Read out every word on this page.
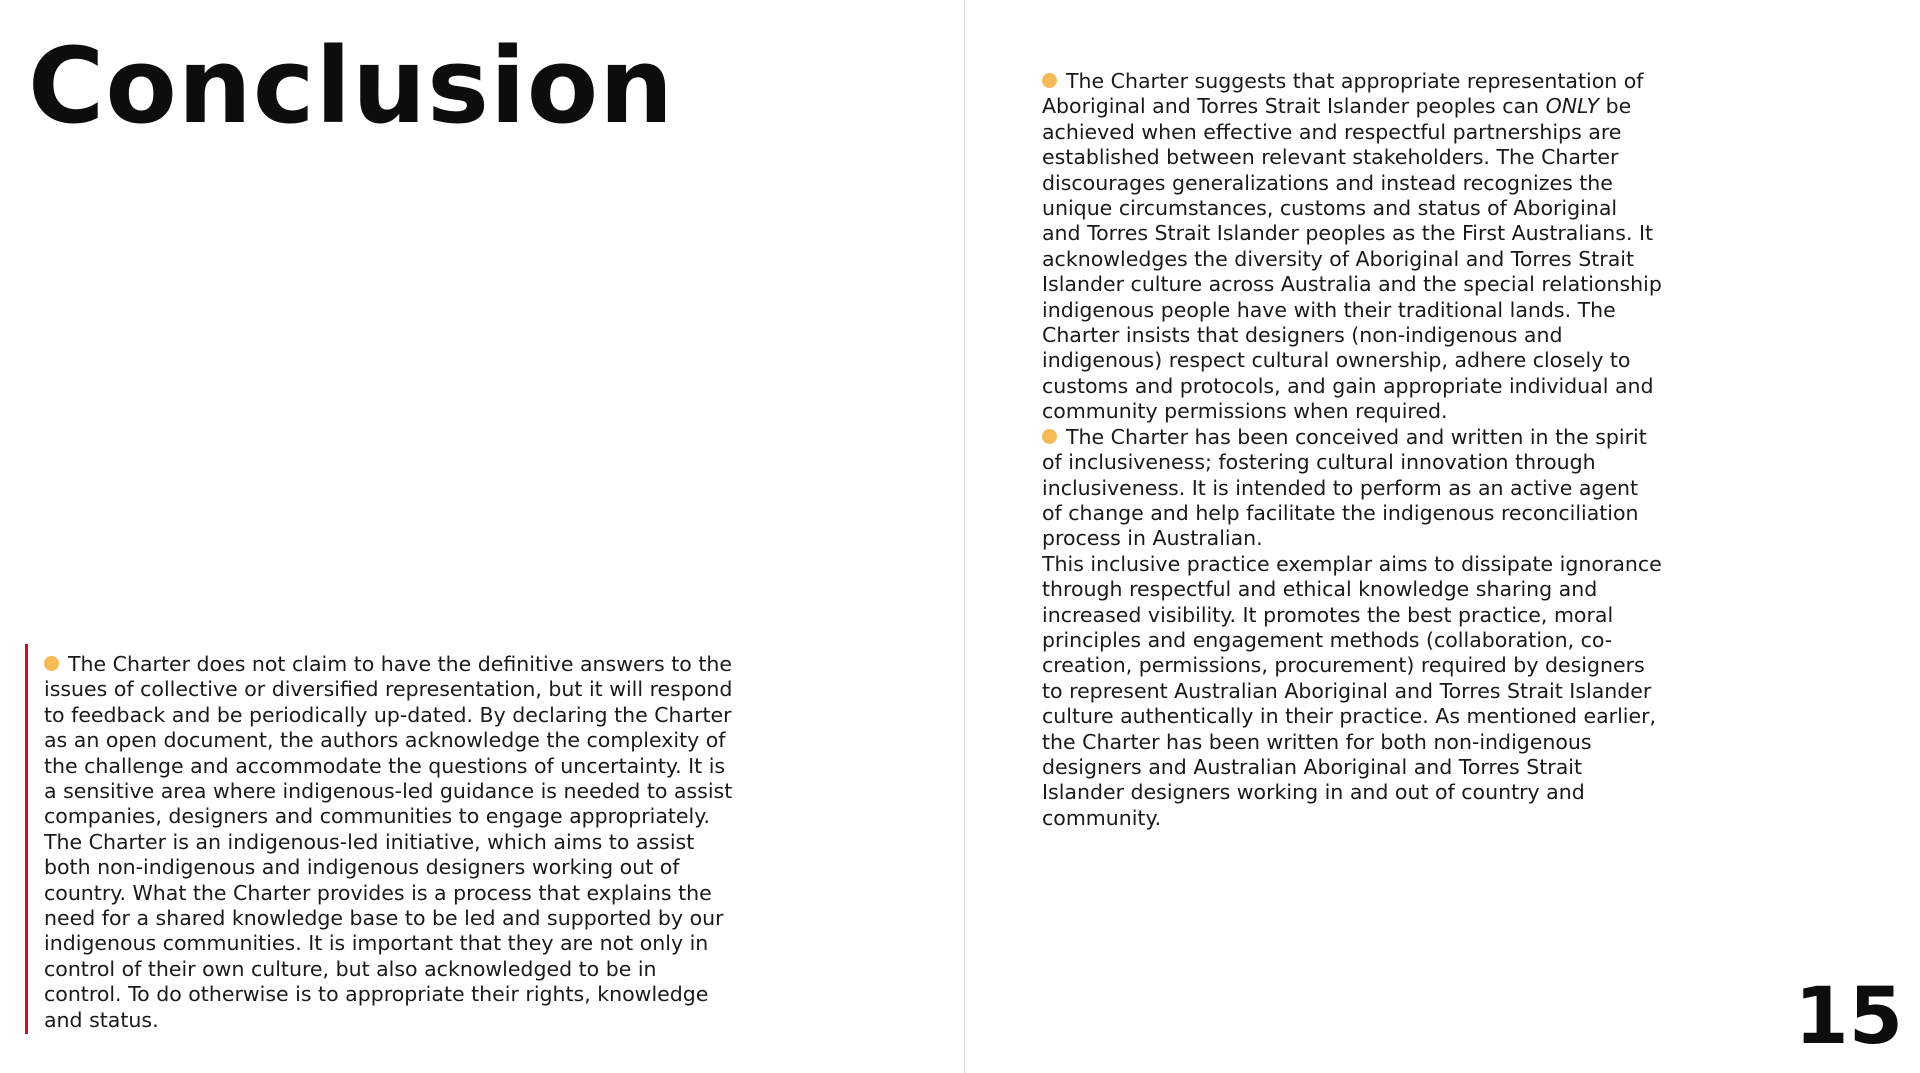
Conclusion

The Charter does not claim to have the definitive answers to the issues of collective or diversified representation, but it will respond to feedback and be periodically up-dated. By declaring the Charter as an open document, the authors acknowledge the complexity of the challenge and accommodate the questions of uncertainty. It is a sensitive area where indigenous-led guidance is needed to assist companies, designers and communities to engage appropriately. The Charter is an indigenous-led initiative, which aims to assist both non-indigenous and indigenous designers working out of country. What the Charter provides is a process that explains the need for a shared knowledge base to be led and supported by our indigenous communities. It is important that they are not only in control of their own culture, but also acknowledged to be in control. To do otherwise is to appropriate their rights, knowledge and status.

The Charter suggests that appropriate representation of Aboriginal and Torres Strait Islander peoples can ONLY be achieved when effective and respectful partnerships are established between relevant stakeholders. The Charter discourages generalizations and instead recognizes the unique circumstances, customs and status of Aboriginal and Torres Strait Islander peoples as the First Australians. It acknowledges the diversity of Aboriginal and Torres Strait Islander culture across Australia and the special relationship indigenous people have with their traditional lands. The Charter insists that designers (non-indigenous and indigenous) respect cultural ownership, adhere closely to customs and protocols, and gain appropriate individual and community permissions when required.

The Charter has been conceived and written in the spirit of inclusiveness; fostering cultural innovation through inclusiveness. It is intended to perform as an active agent of change and help facilitate the indigenous reconciliation process in Australian.

This inclusive practice exemplar aims to dissipate ignorance through respectful and ethical knowledge sharing and increased visibility. It promotes the best practice, moral principles and engagement methods (collaboration, co-creation, permissions, procurement) required by designers to represent Australian Aboriginal and Torres Strait Islander culture authentically in their practice. As mentioned earlier, the Charter has been written for both non-indigenous designers and Australian Aboriginal and Torres Strait Islander designers working in and out of country and community.

15
